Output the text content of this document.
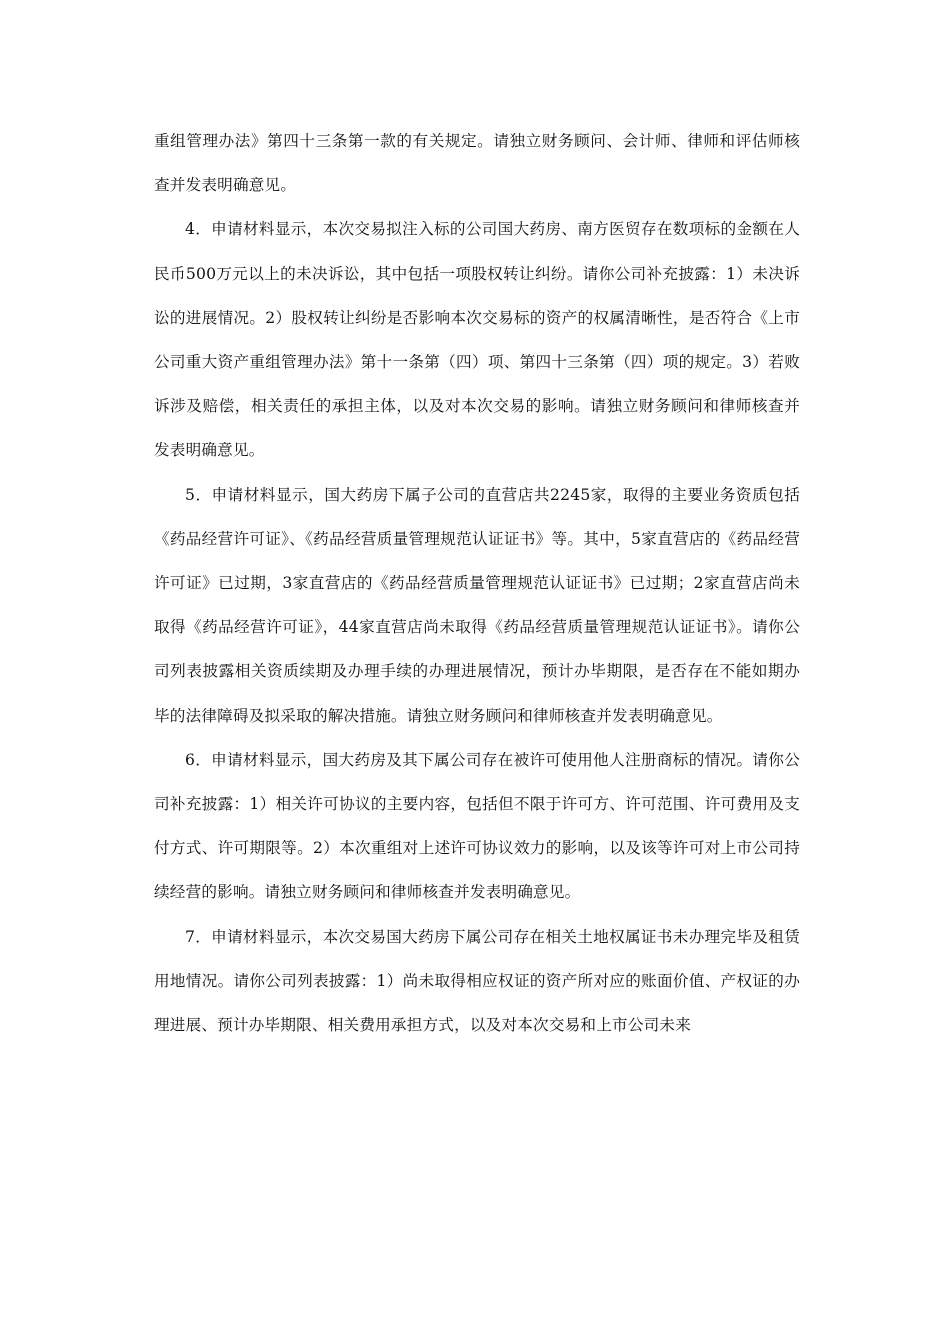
重组管理办法》第四十三条第一款的有关规定。请独立财务顾问、会计师、律师和评估师核查并发表明确意见。

4．申请材料显示，本次交易拟注入标的公司国大药房、南方医贸存在数项标的金额在人民币500万元以上的未决诉讼，其中包括一项股权转让纠纷。请你公司补充披露：1）未决诉讼的进展情况。2）股权转让纠纷是否影响本次交易标的资产的权属清晰性，是否符合《上市公司重大资产重组管理办法》第十一条第（四）项、第四十三条第（四）项的规定。3）若败诉涉及赔偿，相关责任的承担主体，以及对本次交易的影响。请独立财务顾问和律师核查并发表明确意见。

5．申请材料显示，国大药房下属子公司的直营店共2245家，取得的主要业务资质包括《药品经营许可证》、《药品经营质量管理规范认证证书》等。其中，5家直营店的《药品经营许可证》已过期，3家直营店的《药品经营质量管理规范认证证书》已过期；2家直营店尚未取得《药品经营许可证》，44家直营店尚未取得《药品经营质量管理规范认证证书》。请你公司列表披露相关资质续期及办理手续的办理进展情况，预计办毕期限，是否存在不能如期办毕的法律障碍及拟采取的解决措施。请独立财务顾问和律师核查并发表明确意见。

6．申请材料显示，国大药房及其下属公司存在被许可使用他人注册商标的情况。请你公司补充披露：1）相关许可协议的主要内容，包括但不限于许可方、许可范围、许可费用及支付方式、许可期限等。2）本次重组对上述许可协议效力的影响，以及该等许可对上市公司持续经营的影响。请独立财务顾问和律师核查并发表明确意见。

7．申请材料显示，本次交易国大药房下属公司存在相关土地权属证书未办理完毕及租赁用地情况。请你公司列表披露：1）尚未取得相应权证的资产所对应的账面价值、产权证的办理进展、预计办毕期限、相关费用承担方式，以及对本次交易和上市公司未来
